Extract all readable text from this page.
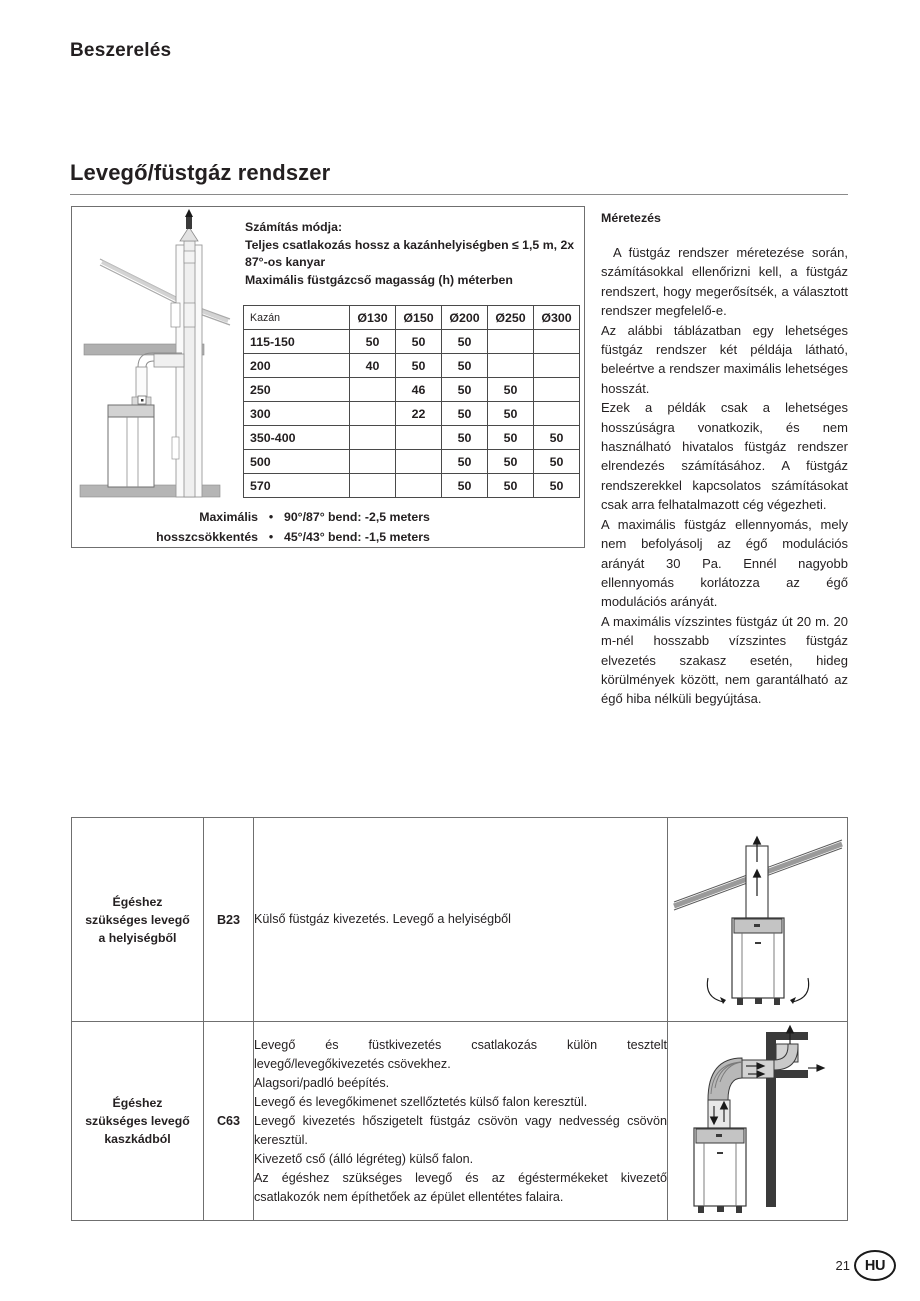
Beszerelés
Levegő/füstgáz rendszer
Számítás módja:
Teljes csatlakozás hossz a kazánhelyiségben ≤ 1,5 m, 2x 87°-os kanyar
Maximális füstgázcső magasság (h) méterben
Kazán	Ø130	Ø150	Ø200	Ø250	Ø300
115-150	50	50	50		
200	40	50	50		
250		46	50	50	
300		22	50	50	
350-400			50	50	50
500			50	50	50
570			50	50	50
Maximális • 90°/87° bend: -2,5 meters
hosszcsökkentés • 45°/43° bend: -1,5 meters
Méretezés

A füstgáz rendszer méretezése során, számításokkal ellenőrizni kell, a füstgáz rendszert, hogy megerősítsék, a választott rendszer megfelelő-e.

Az alábbi táblázatban egy lehetséges füstgáz rendszer két példája látható, beleértve a rendszer maximális lehetséges hosszát.

Ezek a példák csak a lehetséges hosszúságra vonatkozik, és nem használható hivatalos füstgáz rendszer elrendezés számításához. A füstgáz rendszerekkel kapcsolatos számításokat csak arra felhatalmazott cég végezheti.

A maximális füstgáz ellennyomás, mely nem befolyásolj az égő modulációs arányát 30 Pa. Ennél nagyobb ellennyomás korlátozza az égő modulációs arányát.

A maximális vízszintes füstgáz út 20 m. 20 m-nél hosszabb vízszintes füstgáz elvezetés szakasz esetén, hideg körülmények között, nem garantálható az égő hiba nélküli begyújtása.

Égéshez
szükséges levegő
a helyiségből	B23	Külső füstgáz kivezetés. Levegő a helyiségből

Égéshez
szükséges levegő
kaszkádból
	C63	

Levegő és füstkivezetés csatlakozás külön tesztelt levegő/levegőkivezetés csövekhez.

Alagsori/padló beépítés.

Levegő és levegőkimenet szellőztetés külső falon keresztül.

Levegő kivezetés hőszigetelt füstgáz csövön vagy nedvesség csövön keresztül.

Kivezető cső (álló légréteg) külső falon.

Az égéshez szükséges levegő és az égéstermékeket kivezető csatlakozók nem építhetőek az épület ellentétes falaira.

21	HU
